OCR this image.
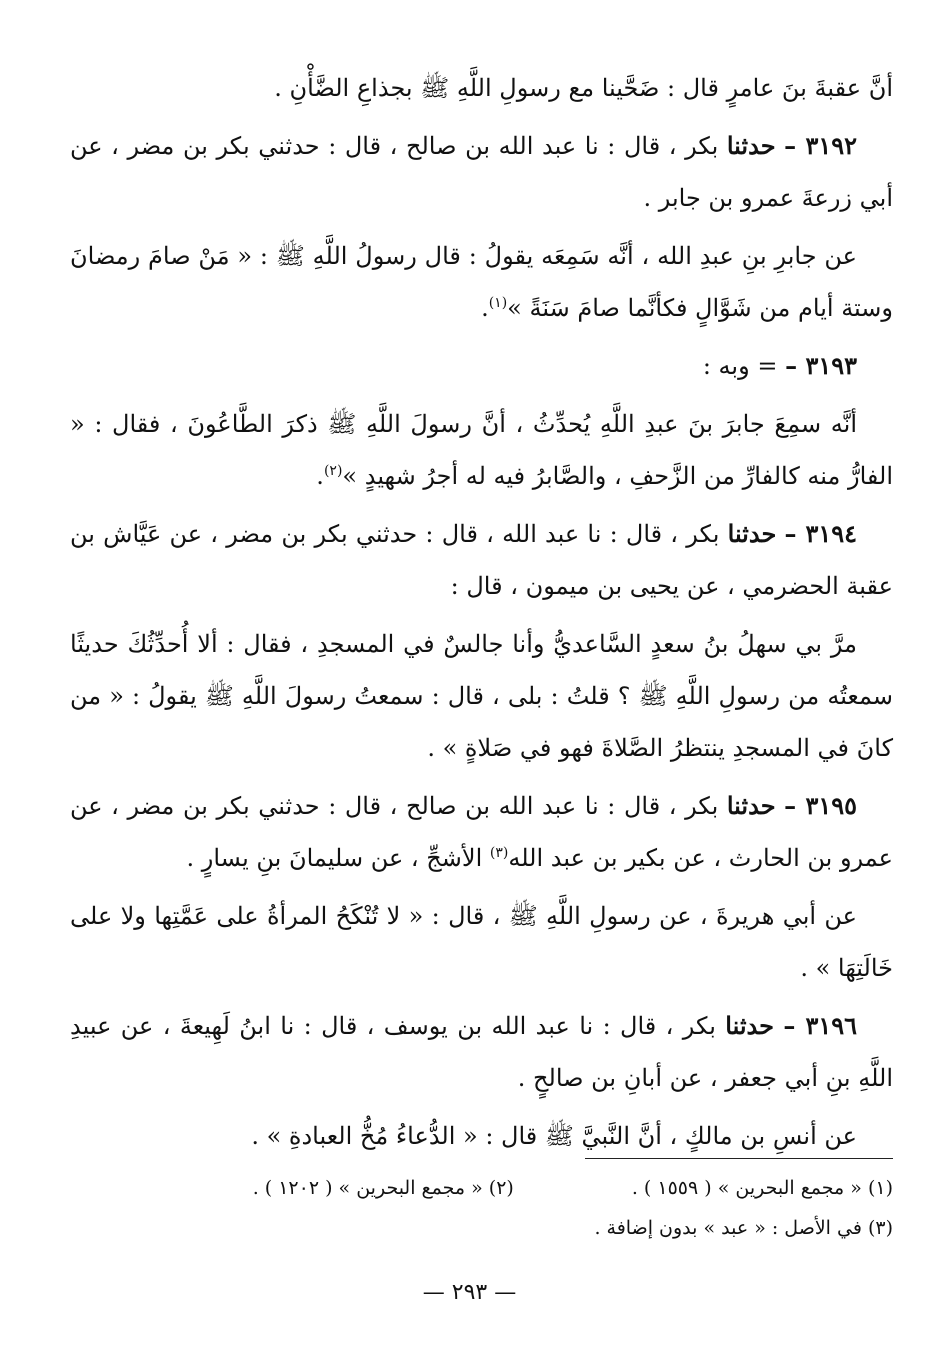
أنَّ عقبةَ بنَ عامرٍ قال : ضَحَّينا مع رسولِ اللَّهِ ﷺ بجذاعِ الضَّأْنِ .

٣١٩٢ – حدثنا بكر ، قال : نا عبد الله بن صالح ، قال : حدثني بكر بن مضر ، عن أبي زرعةَ عمرو بن جابر .

عن جابرِ بنِ عبدِ الله ، أنَّه سَمِعَه يقولُ : قال رسولُ اللَّهِ ﷺ : « مَنْ صامَ رمضانَ وستة أيام من شَوَّالٍ فكأنَّما صامَ سَنَةً »$^{(١)}$.

٣١٩٣ – = وبه :

أنَّه سمِعَ جابرَ بنَ عبدِ اللَّهِ يُحدِّثُ ، أنَّ رسولَ اللَّهِ ﷺ ذكرَ الطَّاعُونَ ، فقال : « الفارُّ منه كالفارِّ من الزَّحفِ ، والصَّابرُ فيه له أجرُ شهيدٍ »$^{(٢)}$.

٣١٩٤ – حدثنا بكر ، قال : نا عبد الله ، قال : حدثني بكر بن مضر ، عن عَيَّاش بن عقبة الحضرمي ، عن يحيى بن ميمون ، قال :

مرَّ بي سهلُ بنُ سعدٍ السَّاعديُّ وأنا جالسٌ في المسجدِ ، فقال : ألا أُحدِّثُكَ حديثًا سمعتُه من رسولِ اللَّهِ ﷺ ؟ قلتُ : بلى ، قال : سمعتُ رسولَ اللَّهِ ﷺ يقولُ : « من كانَ في المسجدِ ينتظرُ الصَّلاةَ فهو في صَلاةٍ » .

٣١٩٥ – حدثنا بكر ، قال : نا عبد الله بن صالح ، قال : حدثني بكر بن مضر ، عن عمرو بن الحارث ، عن بكير بن عبد الله$^{(٣)}$ الأشجِّ ، عن سليمانَ بنِ يسارٍ .

عن أبي هريرةَ ، عن رسولِ اللَّهِ ﷺ ، قال : « لا تُنْكَحُ المرأةُ على عَمَّتِها ولا على خَالَتِهَا » .

٣١٩٦ – حدثنا بكر ، قال : نا عبد الله بن يوسف ، قال : نا ابنُ لَهِيعةَ ، عن عبيدِ اللَّهِ بنِ أبي جعفر ، عن أبانِ بن صالحٍ .

عن أنسِ بن مالكٍ ، أنَّ النَّبيَّ ﷺ قال : « الدُّعاءُ مُخُّ العبادةِ » .

(١) « مجمع البحرين » ( ١٥٥٩ ) .
(٢) « مجمع البحرين » ( ١٢٠٢ ) .
(٣) في الأصل : « عبد » بدون إضافة .
— ٢٩٣ —
